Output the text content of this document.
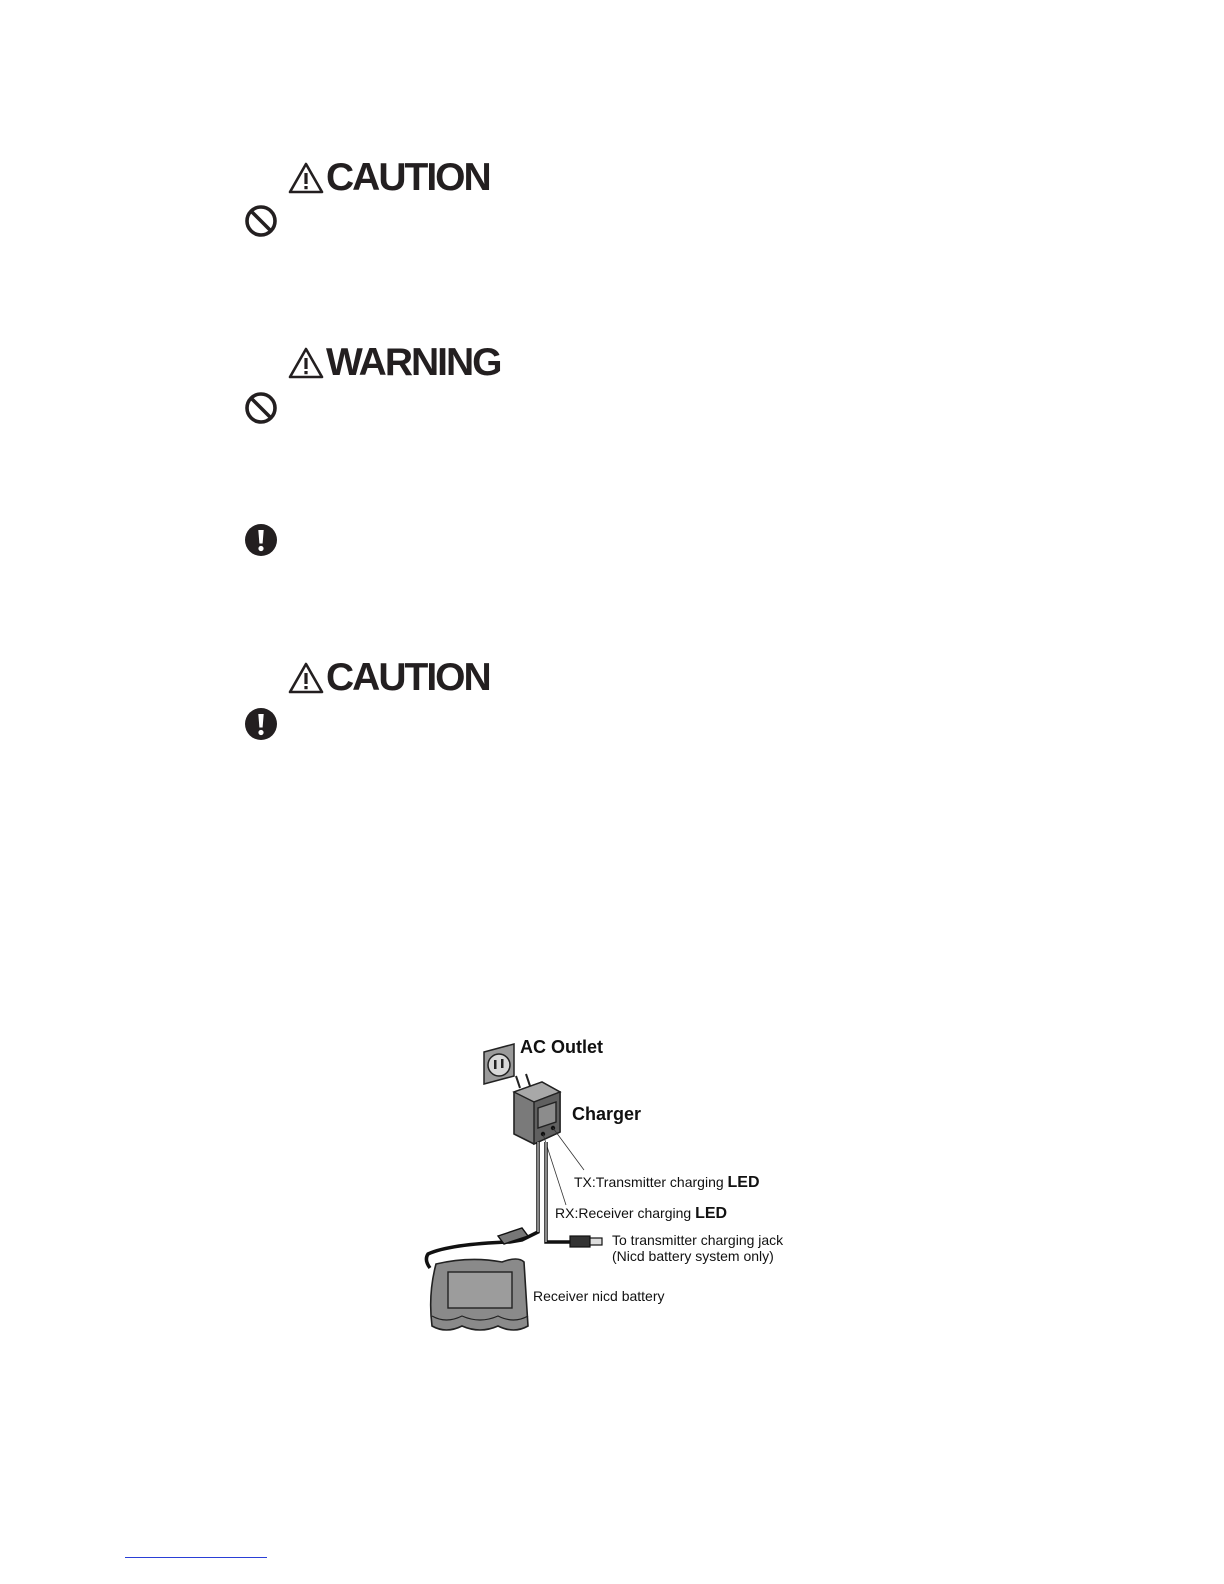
CAUTION
WARNING
CAUTION
AC Outlet
Charger
TX:Transmitter charging LED
RX:Receiver charging LED
To transmitter charging jack
(Nicd battery system only)
Receiver nicd battery
